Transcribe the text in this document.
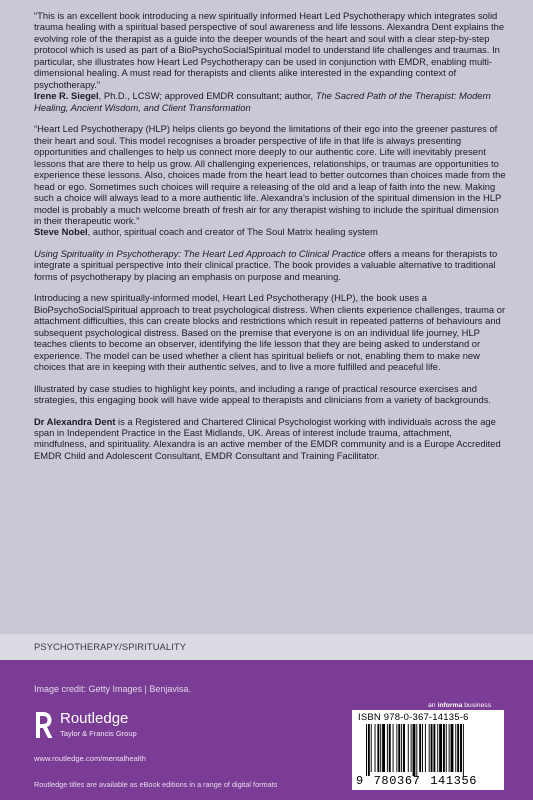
“This is an excellent book introducing a new spiritually informed Heart Led Psychotherapy which integrates solid trauma healing with a spiritual based perspective of soul awareness and life lessons. Alexandra Dent explains the evolving role of the therapist as a guide into the deeper wounds of the heart and soul with a clear step-by-step protocol which is used as part of a BioPsychoSocialSpiritual model to understand life challenges and traumas. In particular, she illustrates how Heart Led Psychotherapy can be used in conjunction with EMDR, enabling multi-dimensional healing. A must read for therapists and clients alike interested in the expanding context of psychotherapy.”
Irene R. Siegel, Ph.D., LCSW; approved EMDR consultant; author, The Sacred Path of the Therapist: Modern Healing, Ancient Wisdom, and Client Transformation

“Heart Led Psychotherapy (HLP) helps clients go beyond the limitations of their ego into the greener pastures of their heart and soul. This model recognises a broader perspective of life in that life is always presenting opportunities and challenges to help us connect more deeply to our authentic core. Life will inevitably present lessons that are there to help us grow. All challenging experiences, relationships, or traumas are opportunities to experience these lessons. Also, choices made from the heart lead to better outcomes than choices made from the head or ego. Sometimes such choices will require a releasing of the old and a leap of faith into the new. Making such a choice will always lead to a more authentic life. Alexandra’s inclusion of the spiritual dimension in the HLP model is probably a much welcome breath of fresh air for any therapist wishing to include the spiritual dimension in their therapeutic work.”
Steve Nobel, author, spiritual coach and creator of The Soul Matrix healing system

Using Spirituality in Psychotherapy: The Heart Led Approach to Clinical Practice offers a means for therapists to integrate a spiritual perspective into their clinical practice. The book provides a valuable alternative to traditional forms of psychotherapy by placing an emphasis on purpose and meaning.

Introducing a new spiritually-informed model, Heart Led Psychotherapy (HLP), the book uses a BioPsychoSocialSpiritual approach to treat psychological distress. When clients experience challenges, trauma or attachment difficulties, this can create blocks and restrictions which result in repeated patterns of behaviours and subsequent psychological distress. Based on the premise that everyone is on an individual life journey, HLP teaches clients to become an observer, identifying the life lesson that they are being asked to understand or experience. The model can be used whether a client has spiritual beliefs or not, enabling them to make new choices that are in keeping with their authentic selves, and to live a more fulfilled and peaceful life.

Illustrated by case studies to highlight key points, and including a range of practical resource exercises and strategies, this engaging book will have wide appeal to therapists and clinicians from a variety of backgrounds.

Dr Alexandra Dent is a Registered and Chartered Clinical Psychologist working with individuals across the age span in Independent Practice in the East Midlands, UK. Areas of interest include trauma, attachment, mindfulness, and spirituality. Alexandra is an active member of the EMDR community and is a Europe Accredited EMDR Child and Adolescent Consultant, EMDR Consultant and Training Facilitator.

PSYCHOTHERAPY/SPIRITUALITY
Image credit: Getty Images | Benjavisa.
Routledge
Taylor & Francis Group
www.routledge.com/mentalhealth
Routledge titles are available as eBook editions in a range of digital formats
an informa business
ISBN 978-0-367-14135-6
9 780367 141356
